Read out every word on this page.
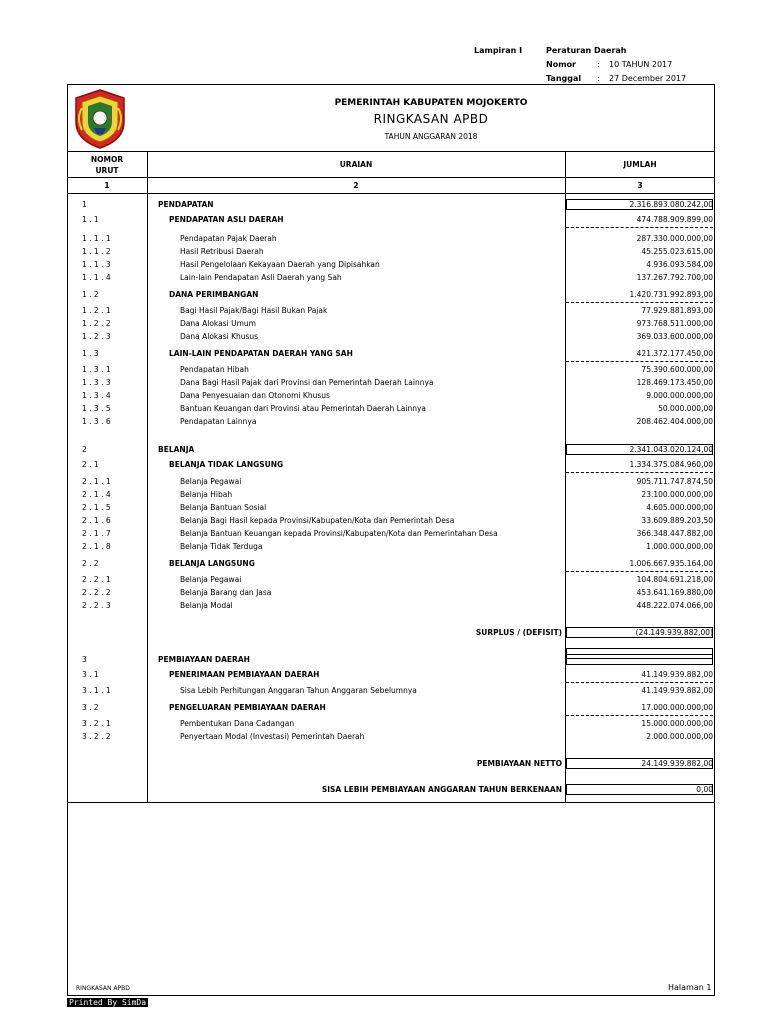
Lampiran I	Peraturan Daerah
Nomor	: 10 TAHUN 2017
Tanggal : 27 December 2017
PEMERINTAH KABUPATEN MOJOKERTO
RINGKASAN APBD
TAHUN ANGGARAN 2018
NOMOR
URUT
URAIAN	JUMLAH
1	2	3
1	PENDAPATAN	2.316.893.080.242,00
1 . 1	PENDAPATAN ASLI DAERAH	474.788.909.899,00
1 . 1 . 1	Pendapatan Pajak Daerah	287.330.000.000,00
1 . 1 . 2	Hasil Retribusi Daerah	45.255.023.615,00
1 . 1 . 3	Hasil Pengelolaan Kekayaan Daerah yang Dipisahkan	4.936.093.584,00
1 . 1 . 4	Lain-lain Pendapatan Asli Daerah yang Sah	137.267.792.700,00
1 . 2	DANA PERIMBANGAN	1.420.731.992.893,00
1 . 2 . 1	Bagi Hasil Pajak/Bagi Hasil Bukan Pajak	77.929.881.893,00
1 . 2 . 2	Dana Alokasi Umum	973.768.511.000,00
1 . 2 . 3	Dana Alokasi Khusus	369.033.600.000,00
1 . 3	LAIN-LAIN PENDAPATAN DAERAH YANG SAH	421.372.177.450,00
1 . 3 . 1	Pendapatan Hibah	75.390.600.000,00
1 . 3 . 3	Dana Bagi Hasil Pajak dari Provinsi dan Pemerintah Daerah Lainnya	128.469.173.450,00
1 . 3 . 4	Dana Penyesuaian dan Otonomi Khusus	9.000.000.000,00
1 . 3 . 5	Bantuan Keuangan dari Provinsi atau Pemerintah Daerah Lainnya	50.000.000,00
1 . 3 . 6	Pendapatan Lainnya	208.462.404.000,00
2	BELANJA	2.341.043.020.124,00
2 . 1	BELANJA TIDAK LANGSUNG	1.334.375.084.960,00
2 . 1 . 1	Belanja Pegawai	905.711.747.874,50
2 . 1 . 4	Belanja Hibah	23.100.000.000,00
2 . 1 . 5	Belanja Bantuan Sosial	4.605.000.000,00
2 . 1 . 6	Belanja Bagi Hasil kepada Provinsi/Kabupaten/Kota dan Pemerintah Desa	33.609.889.203,50
2 . 1 . 7	Belanja Bantuan Keuangan kepada Provinsi/Kabupaten/Kota dan Pemerintahan Desa	366.348.447.882,00
2 . 1 . 8	Belanja Tidak Terduga	1.000.000.000,00
2 . 2	BELANJA LANGSUNG	1.006.667.935.164,00
2 . 2 . 1	Belanja Pegawai	104.804.691.218,00
2 . 2 . 2	Belanja Barang dan Jasa	453.641.169.880,00
2 . 2 . 3	Belanja Modal	448.222.074.066,00
SURPLUS / (DEFISIT)	(24.149.939.882,00)
3	PEMBIAYAAN DAERAH
3 . 1	PENERIMAAN PEMBIAYAAN DAERAH	41.149.939.882,00
3 . 1 . 1	Sisa Lebih Perhitungan Anggaran Tahun Anggaran Sebelumnya	41.149.939.882,00
3 . 2	PENGELUARAN PEMBIAYAAN DAERAH	17.000.000.000,00
3 . 2 . 1	Pembentukan Dana Cadangan	15.000.000.000,00
3 . 2 . 2	Penyertaan Modal (Investasi) Pemerintah Daerah	2.000.000.000,00
PEMBIAYAAN NETTO	24.149.939.882,00
SISA LEBIH PEMBIAYAAN ANGGARAN TAHUN BERKENAAN	0,00
RINGKASAN APBD	Halaman 1
Printed By SimDa
